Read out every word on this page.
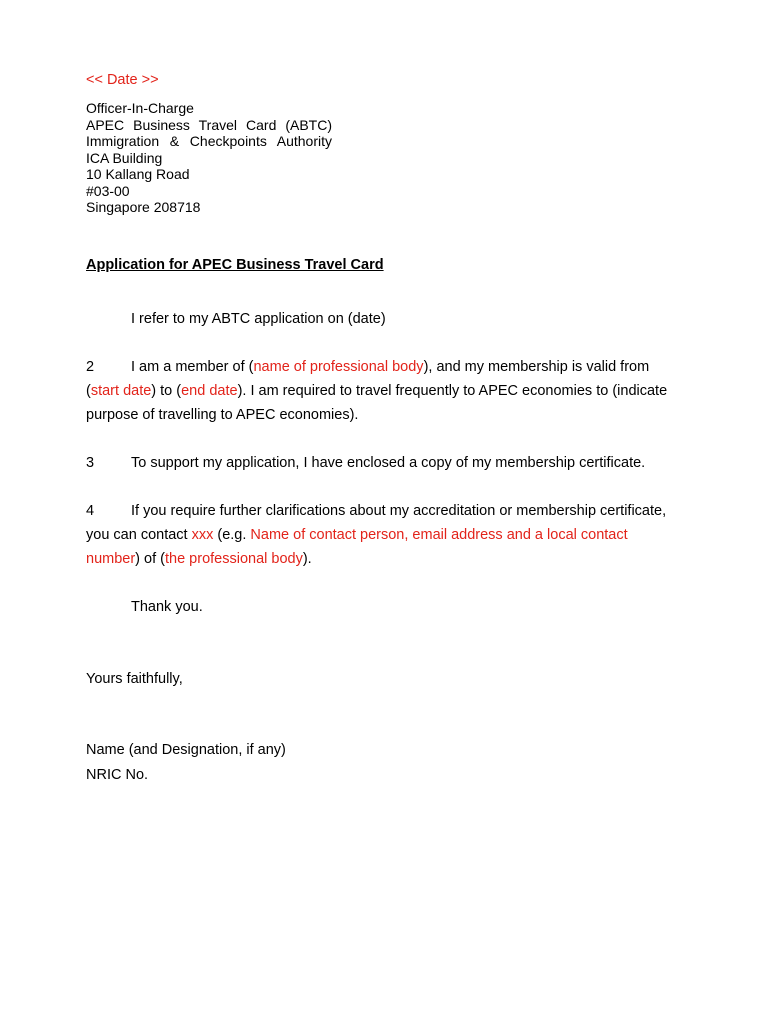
<< Date >>
Officer-In-Charge
APEC Business Travel Card (ABTC)
Immigration & Checkpoints Authority
ICA Building
10 Kallang Road
#03-00
Singapore 208718
Application for APEC Business Travel Card
I refer to my ABTC application on (date)
2	I am a member of (name of professional body), and my membership is valid from
(start date) to (end date). I am required to travel frequently to APEC economies to (indicate
purpose of travelling to APEC economies).
3	To support my application, I have enclosed a copy of my membership certificate.
4	If you require further clarifications about my accreditation or membership certificate,
you can contact xxx (e.g. Name of contact person, email address and a local contact
number) of (the professional body).
Thank you.
Yours faithfully,
Name (and Designation, if any)
NRIC No.
